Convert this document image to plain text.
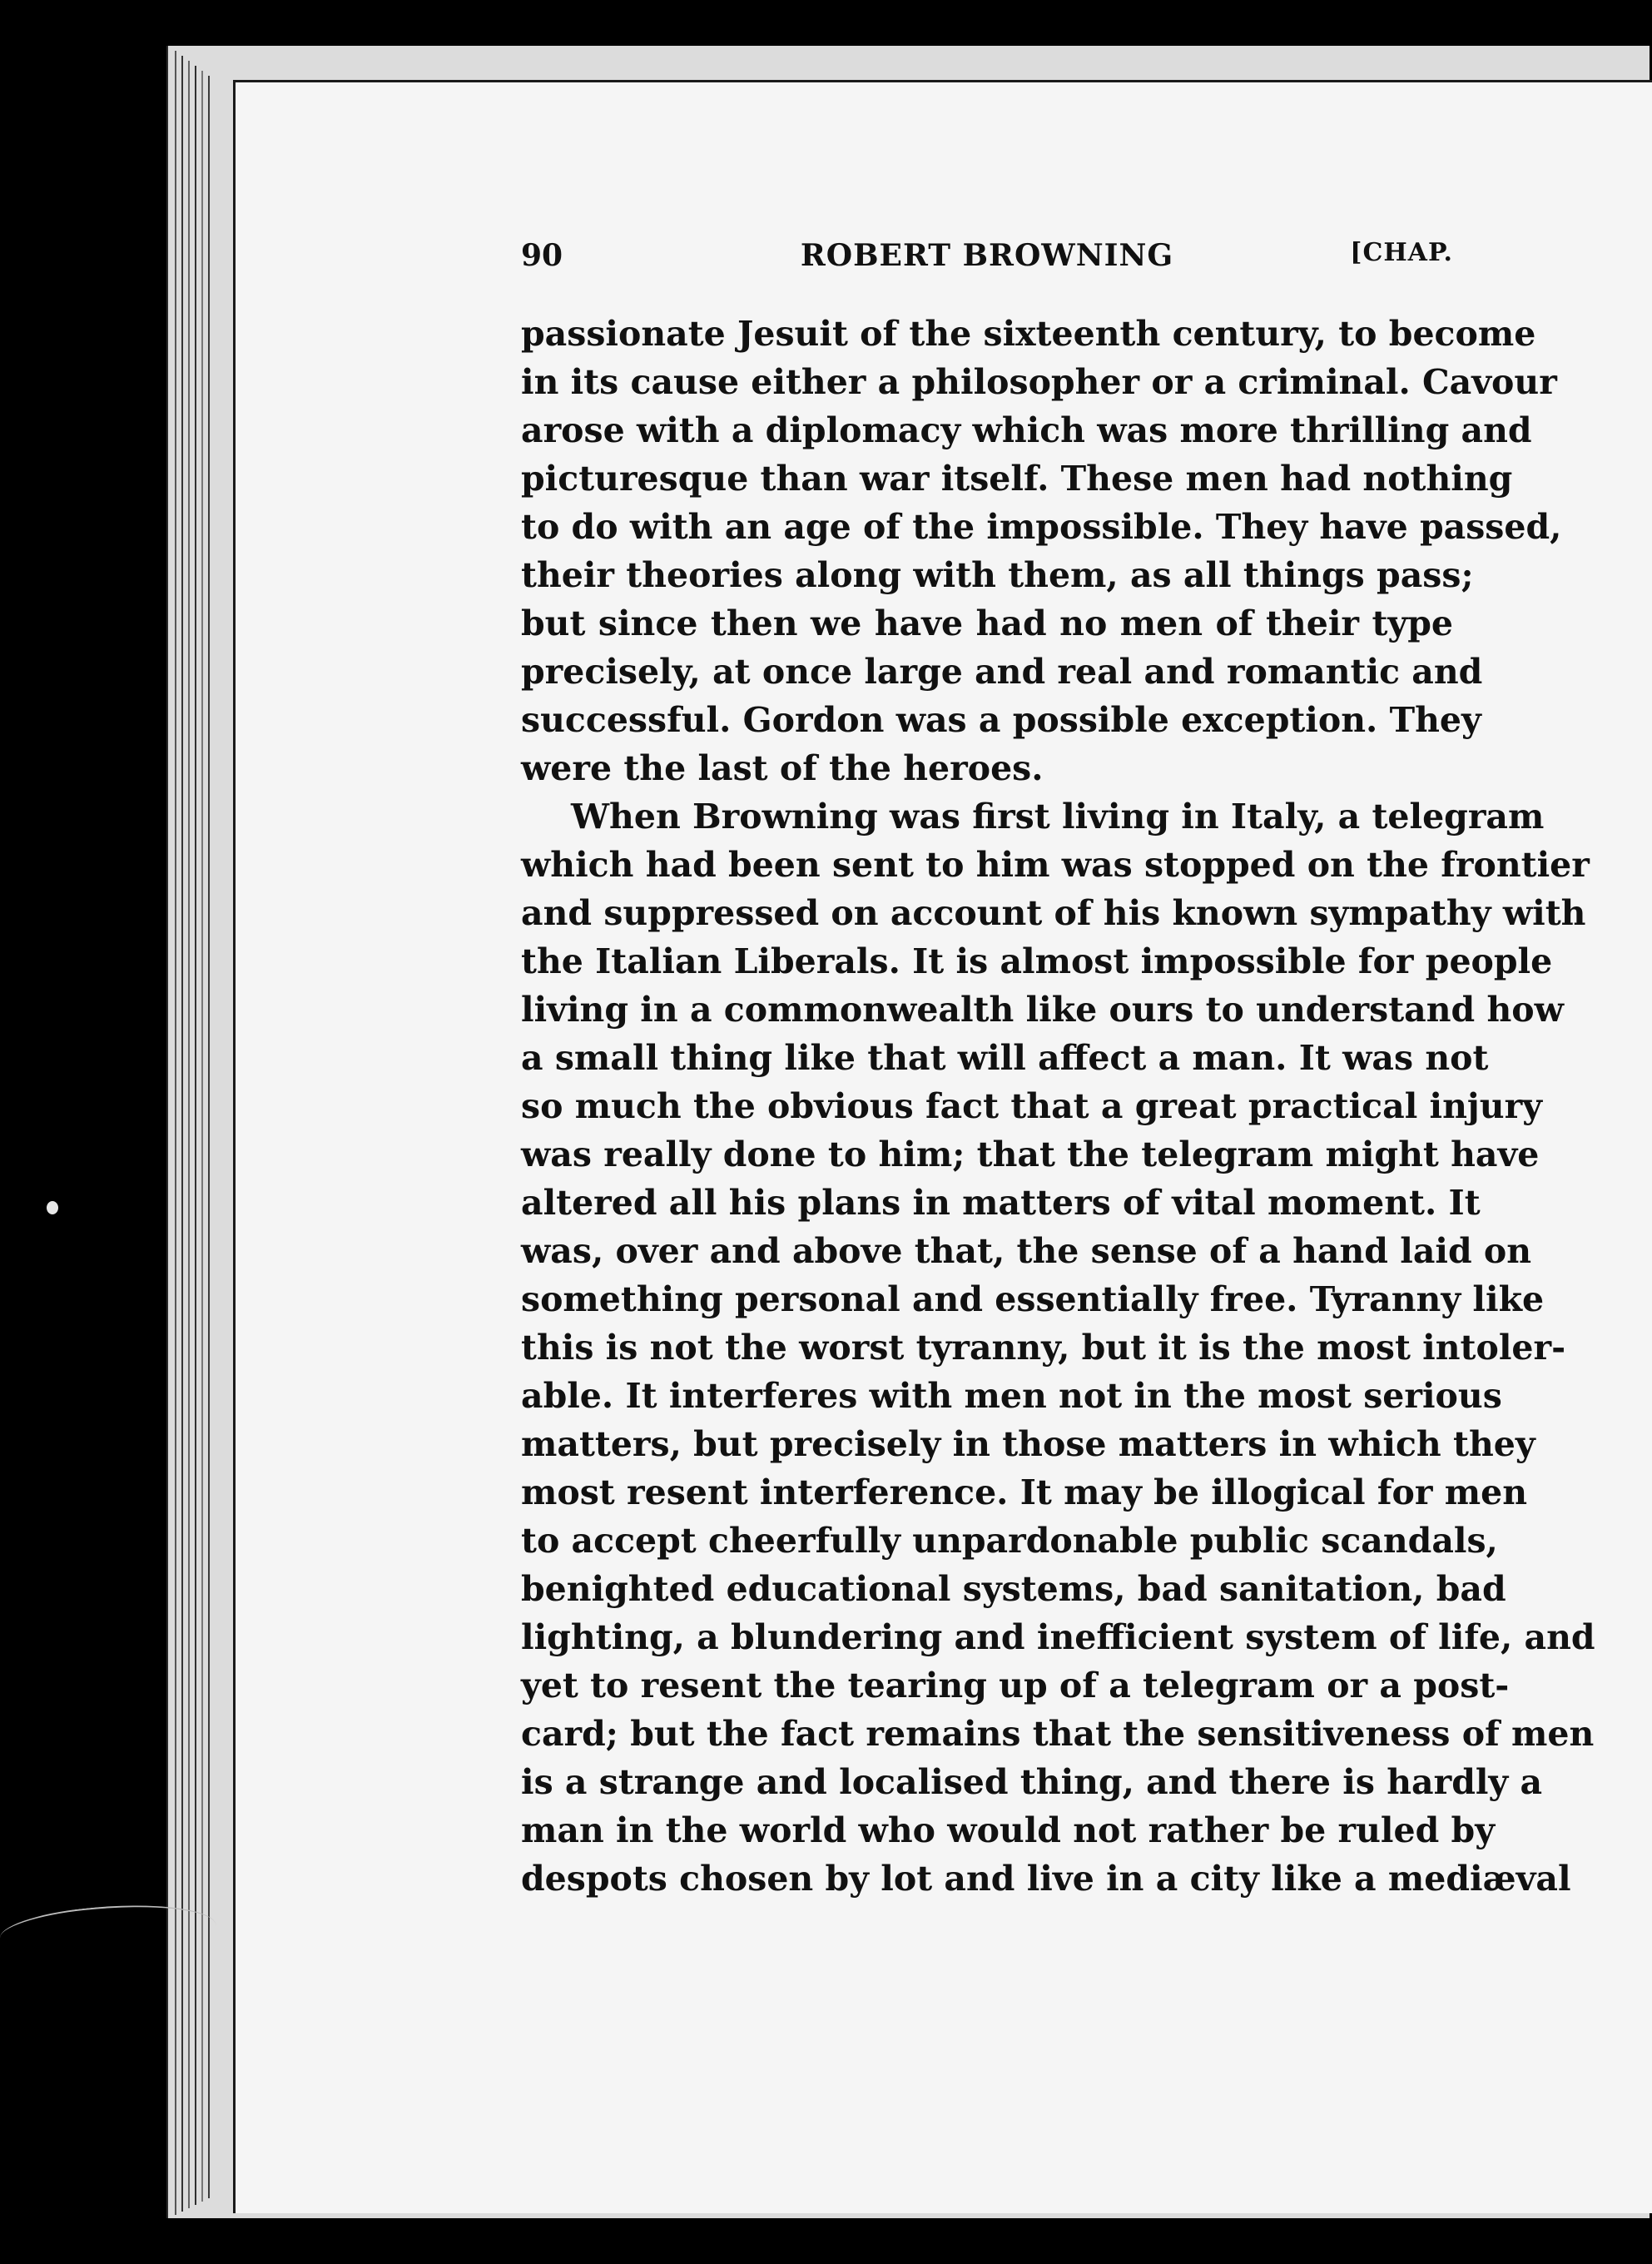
90	ROBERT BROWNING	[CHAP.
passionate Jesuit of the sixteenth century, to become
in its cause either a philosopher or a criminal. Cavour
arose with a diplomacy which was more thrilling and
picturesque than war itself. These men had nothing
to do with an age of the impossible. They have passed,
their theories along with them, as all things pass;
but since then we have had no men of their type
precisely, at once large and real and romantic and
successful. Gordon was a possible exception. They
were the last of the heroes.
When Browning was first living in Italy, a telegram
which had been sent to him was stopped on the frontier
and suppressed on account of his known sympathy with
the Italian Liberals. It is almost impossible for people
living in a commonwealth like ours to understand how
a small thing like that will affect a man. It was not
so much the obvious fact that a great practical injury
was really done to him; that the telegram might have
altered all his plans in matters of vital moment. It
was, over and above that, the sense of a hand laid on
something personal and essentially free. Tyranny like
this is not the worst tyranny, but it is the most intoler-
able. It interferes with men not in the most serious
matters, but precisely in those matters in which they
most resent interference. It may be illogical for men
to accept cheerfully unpardonable public scandals,
benighted educational systems, bad sanitation, bad
lighting, a blundering and inefficient system of life, and
yet to resent the tearing up of a telegram or a post-
card; but the fact remains that the sensitiveness of men
is a strange and localised thing, and there is hardly a
man in the world who would not rather be ruled by
despots chosen by lot and live in a city like a mediæval
